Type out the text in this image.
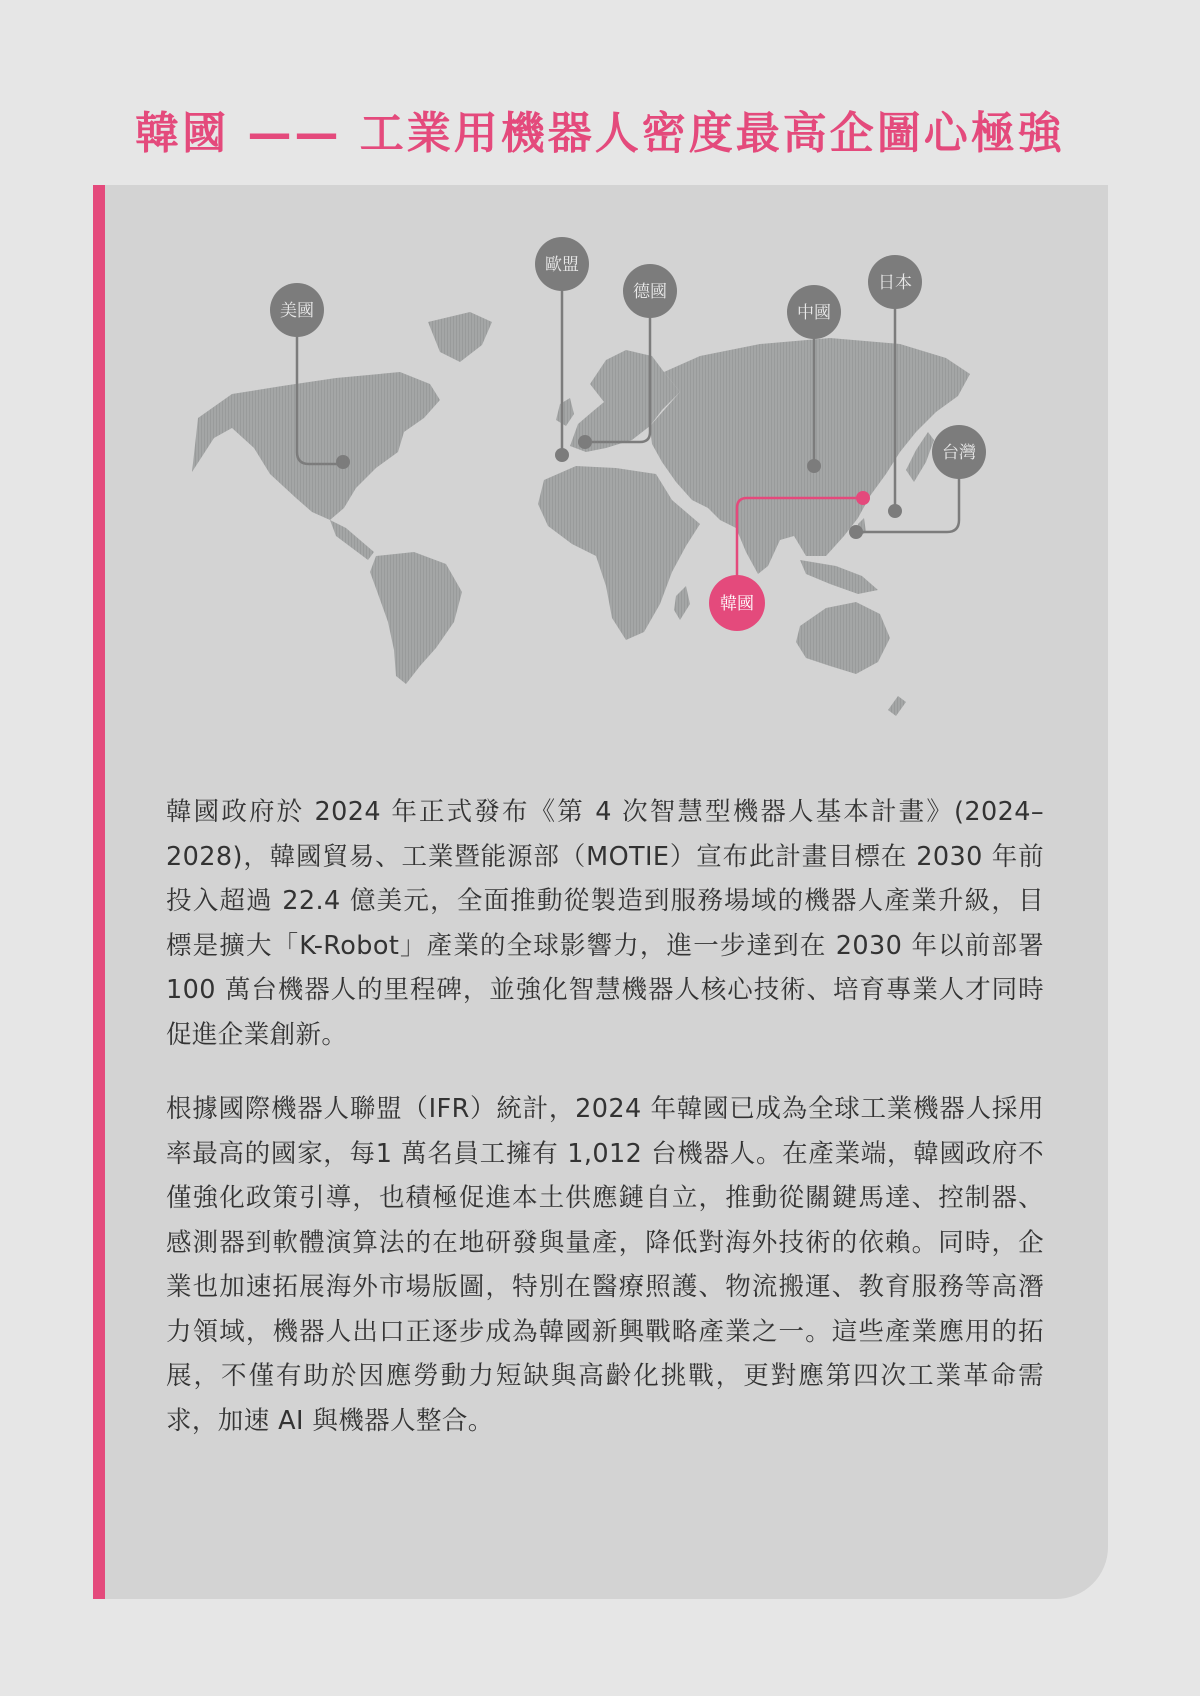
韓國 —— 工業用機器人密度最高企圖心極強
美國
歐盟
德國
中國
日本
台灣
韓國

韓國政府於 2024 年正式發布《第 4 次智慧型機器人基本計畫》(2024–2028)，韓國貿易、工業暨能源部（MOTIE）宣布此計畫目標在 2030 年前投入超過 22.4 億美元，全面推動從製造到服務場域的機器人產業升級，目標是擴大「K-Robot」產業的全球影響力，進一步達到在 2030 年以前部署 100 萬台機器人的里程碑，並強化智慧機器人核心技術、培育專業人才同時促進企業創新。

根據國際機器人聯盟（IFR）統計，2024 年韓國已成為全球工業機器人採用率最高的國家，每1 萬名員工擁有 1,012 台機器人。在產業端，韓國政府不僅強化政策引導，也積極促進本土供應鏈自立，推動從關鍵馬達、控制器、感測器到軟體演算法的在地研發與量產，降低對海外技術的依賴。同時，企業也加速拓展海外市場版圖，特別在醫療照護、物流搬運、教育服務等高潛力領域，機器人出口正逐步成為韓國新興戰略產業之一。這些產業應用的拓展，不僅有助於因應勞動力短缺與高齡化挑戰，更對應第四次工業革命需求，加速 AI 與機器人整合。
